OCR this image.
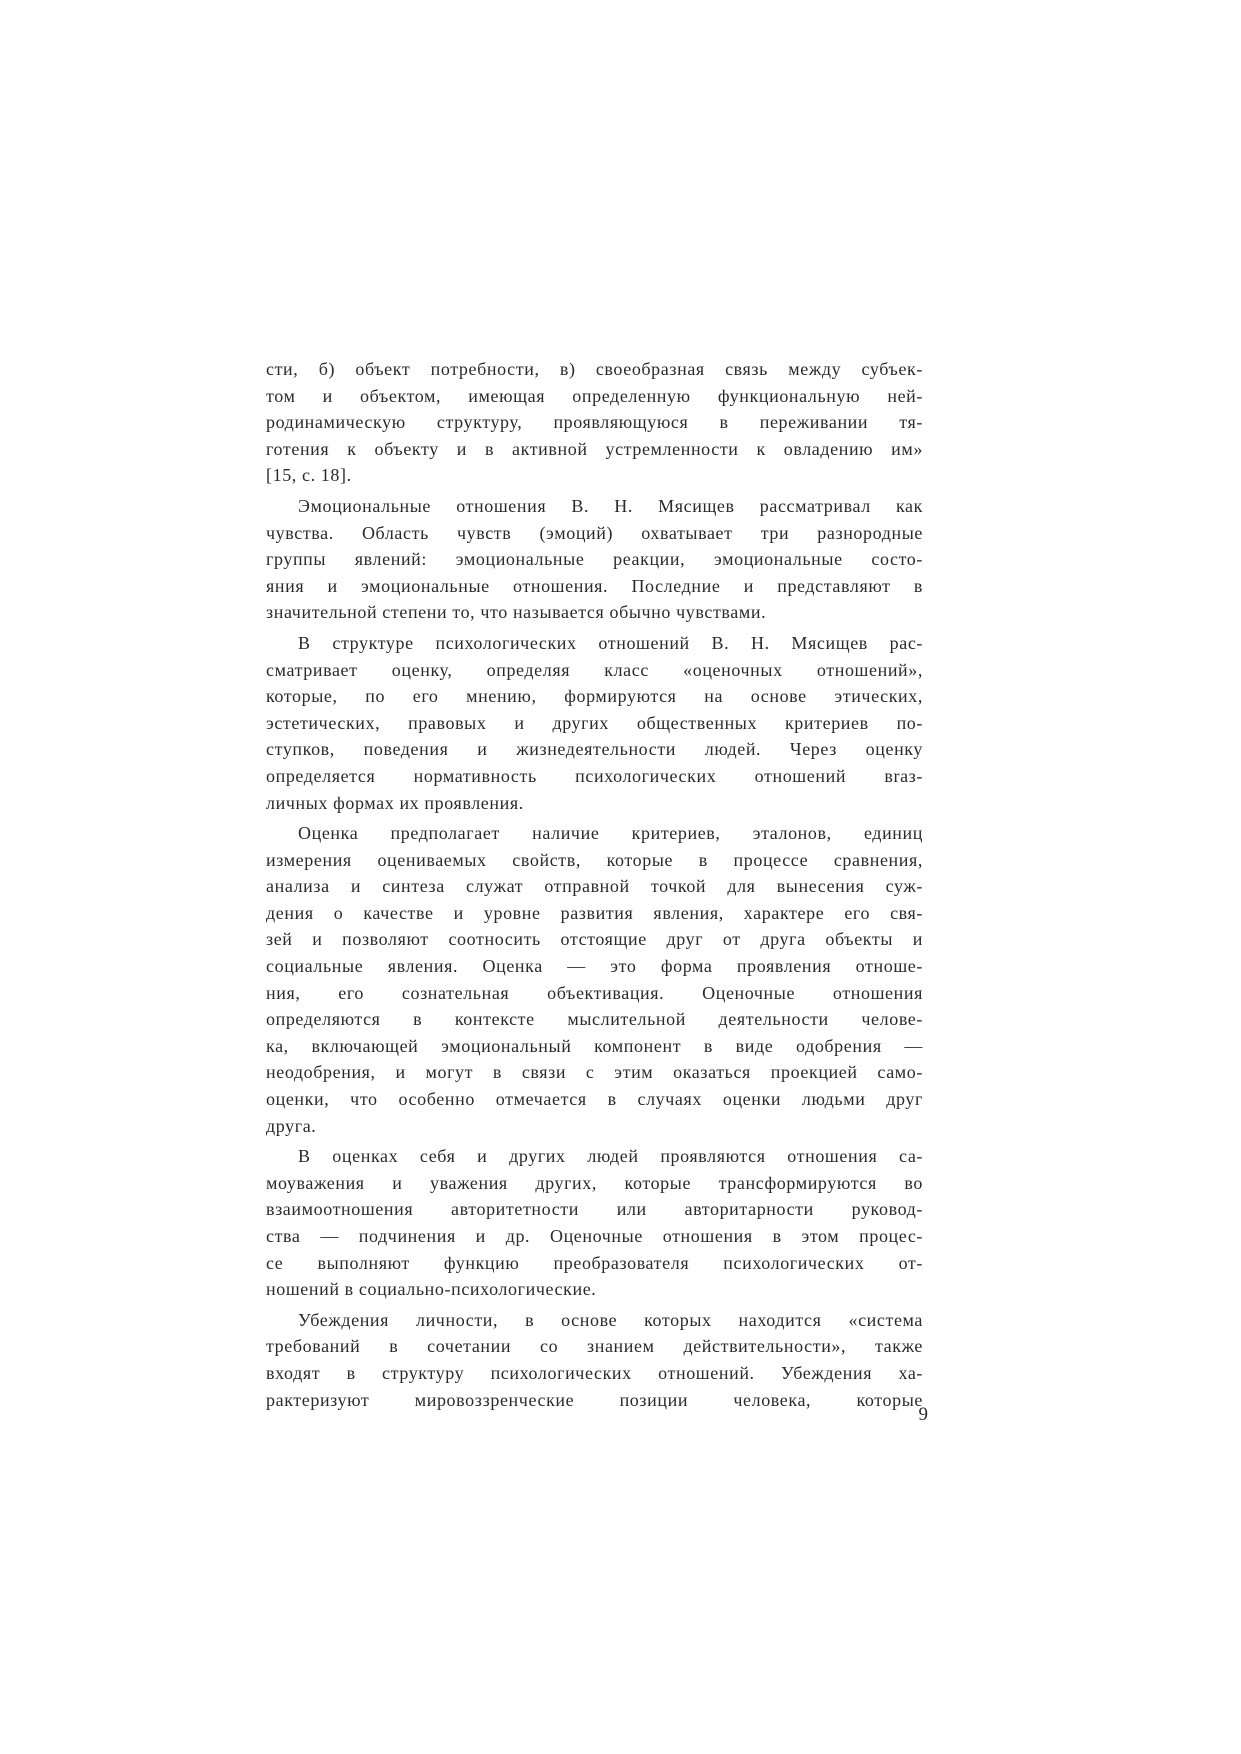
сти, б) объект потребности, в) своеобразная связь между субъек-
том и объектом, имеющая определенную функциональную ней-
родинамическую структуру, проявляющуюся в переживании тя-
готения к объекту и в активной устремленности к овладению им»
[15, с. 18].
Эмоциональные отношения В. Н. Мясищев рассматривал как
чувства. Область чувств (эмоций) охватывает три разнородные
группы явлений: эмоциональные реакции, эмоциональные состо-
яния и эмоциональные отношения. Последние и представляют в
значительной степени то, что называется обычно чувствами.
В структуре психологических отношений В. Н. Мясищев рас-
сматривает оценку, определяя класс «оценочных отношений»,
которые, по его мнению, формируются на основе этических,
эстетических, правовых и других общественных критериев по-
ступков, поведения и жизнедеятельности людей. Через оценку
определяется нормативность психологических отношений вraз-
личных формах их проявления.
Оценка предполагает наличие критериев, эталонов, единиц
измерения оцениваемых свойств, которые в процессе сравнения,
анализа и синтеза служат отправной точкой для вынесения суж-
дения о качестве и уровне развития явления, характере его свя-
зей и позволяют соотносить отстоящие друг от друга объекты и
социальные явления. Оценка — это форма проявления отноше-
ния, его сознательная объективация. Оценочные отношения
определяются в контексте мыслительной деятельности челове-
ка, включающей эмоциональный компонент в виде одобрения —
неодобрения, и могут в связи с этим оказаться проекцией само-
оценки, что особенно отмечается в случаях оценки людьми друг
друга.
В оценках себя и других людей проявляются отношения са-
моуважения и уважения других, которые трансформируются во
взаимоотношения авторитетности или авторитарности руковод-
ства — подчинения и др. Оценочные отношения в этом процес-
се выполняют функцию преобразователя психологических от-
ношений в социально-психологические.
Убеждения личности, в основе которых находится «система
требований в сочетании со знанием действительности», также
входят в структуру психологических отношений. Убеждения ха-
рактеризуют мировоззренческие позиции человека, которые
9
